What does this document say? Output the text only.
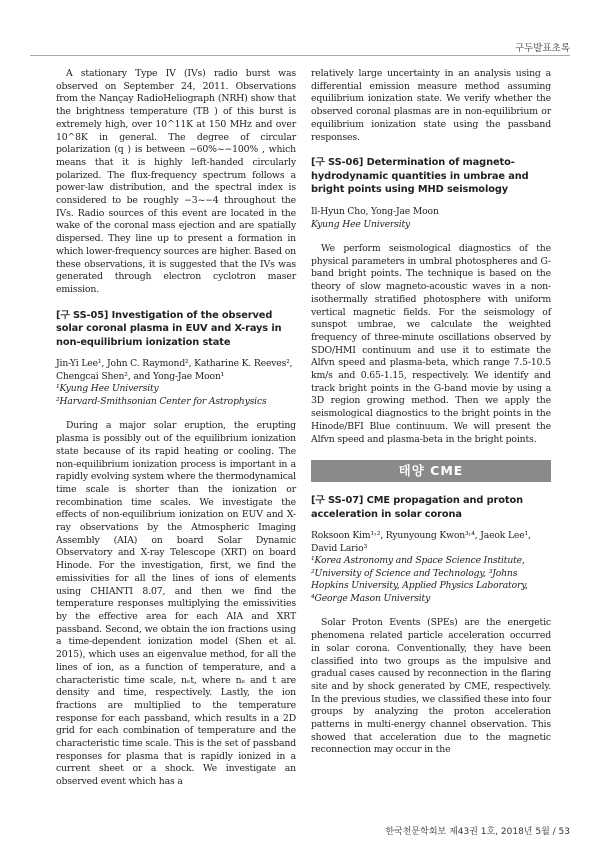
구두발표초록

A stationary Type IV (IVs) radio burst was observed on September 24, 2011. Observations from the Nançay RadioHeliograph (NRH) show that the brightness temperature (TB ) of this burst is extremely high, over 10^11K at 150 MHz and over 10^8K in general. The degree of circular polarization (q ) is between −60%~−100% , which means that it is highly left-handed circularly polarized. The flux-frequency spectrum follows a power-law distribution, and the spectral index is considered to be roughly −3~−4 throughout the IVs. Radio sources of this event are located in the wake of the coronal mass ejection and are spatially dispersed. They line up to present a formation in which lower-frequency sources are higher. Based on these observations, it is suggested that the IVs was generated through electron cyclotron maser emission.

[구 SS-05] Investigation of the observed solar coronal plasma in EUV and X-rays in non-equilibrium ionization state
Jin-Yi Lee¹, John C. Raymond², Katharine K. Reeves², Chengcai Shen², and Yong-Jae Moon¹
¹Kyung Hee University
²Harvard-Smithsonian Center for Astrophysics

During a major solar eruption, the erupting plasma is possibly out of the equilibrium ionization state because of its rapid heating or cooling. The non-equilibrium ionization process is important in a rapidly evolving system where the thermodynamical time scale is shorter than the ionization or recombination time scales. We investigate the effects of non-equilibrium ionization on EUV and X-ray observations by the Atmospheric Imaging Assembly (AIA) on board Solar Dynamic Observatory and X-ray Telescope (XRT) on board Hinode. For the investigation, first, we find the emissivities for all the lines of ions of elements using CHIANTI 8.07, and then we find the temperature responses multiplying the emissivities by the effective area for each AIA and XRT passband. Second, we obtain the ion fractions using a time-dependent ionization model (Shen et al. 2015), which uses an eigenvalue method, for all the lines of ion, as a function of temperature, and a characteristic time scale, nₑt, where nₑ and t are density and time, respectively. Lastly, the ion fractions are multiplied to the temperature response for each passband, which results in a 2D grid for each combination of temperature and the characteristic time scale. This is the set of passband responses for plasma that is rapidly ionized in a current sheet or a shock. We investigate an observed event which has a

relatively large uncertainty in an analysis using a differential emission measure method assuming equilibrium ionization state. We verify whether the observed coronal plasmas are in non-equilibrium or equilibrium ionization state using the passband responses.

[구 SS-06] Determination of magneto-hydrodynamic quantities in umbrae and bright points using MHD seismology
Il-Hyun Cho, Yong-Jae Moon
Kyung Hee University

We perform seismological diagnostics of the physical parameters in umbral photospheres and G-band bright points. The technique is based on the theory of slow magneto-acoustic waves in a non-isothermally stratified photosphere with uniform vertical magnetic fields. For the seismology of sunspot umbrae, we calculate the weighted frequency of three-minute oscillations observed by SDO/HMI continuum and use it to estimate the Alfvn speed and plasma-beta, which range 7.5-10.5 km/s and 0.65-1.15, respectively. We identify and track bright points in the G-band movie by using a 3D region growing method. Then we apply the seismological diagnostics to the bright points in the Hinode/BFI Blue continuum. We will present the Alfvn speed and plasma-beta in the bright points.

태양 CME
[구 SS-07] CME propagation and proton acceleration in solar corona
Roksoon Kim¹˒², Ryunyoung Kwon³˒⁴, Jaeok Lee¹, David Lario³
¹Korea Astronomy and Space Science Institute,
²University of Science and Technology, ³Johns Hopkins University, Applied Physics Laboratory,
⁴George Mason University

Solar Proton Events (SPEs) are the energetic phenomena related particle acceleration occurred in solar corona. Conventionally, they have been classified into two groups as the impulsive and gradual cases caused by reconnection in the flaring site and by shock generated by CME, respectively. In the previous studies, we classified these into four groups by analyzing the proton acceleration patterns in multi-energy channel observation. This showed that acceleration due to the magnetic reconnection may occur in the

한국천문학회보 제43권 1호, 2018년 5월 / 53
